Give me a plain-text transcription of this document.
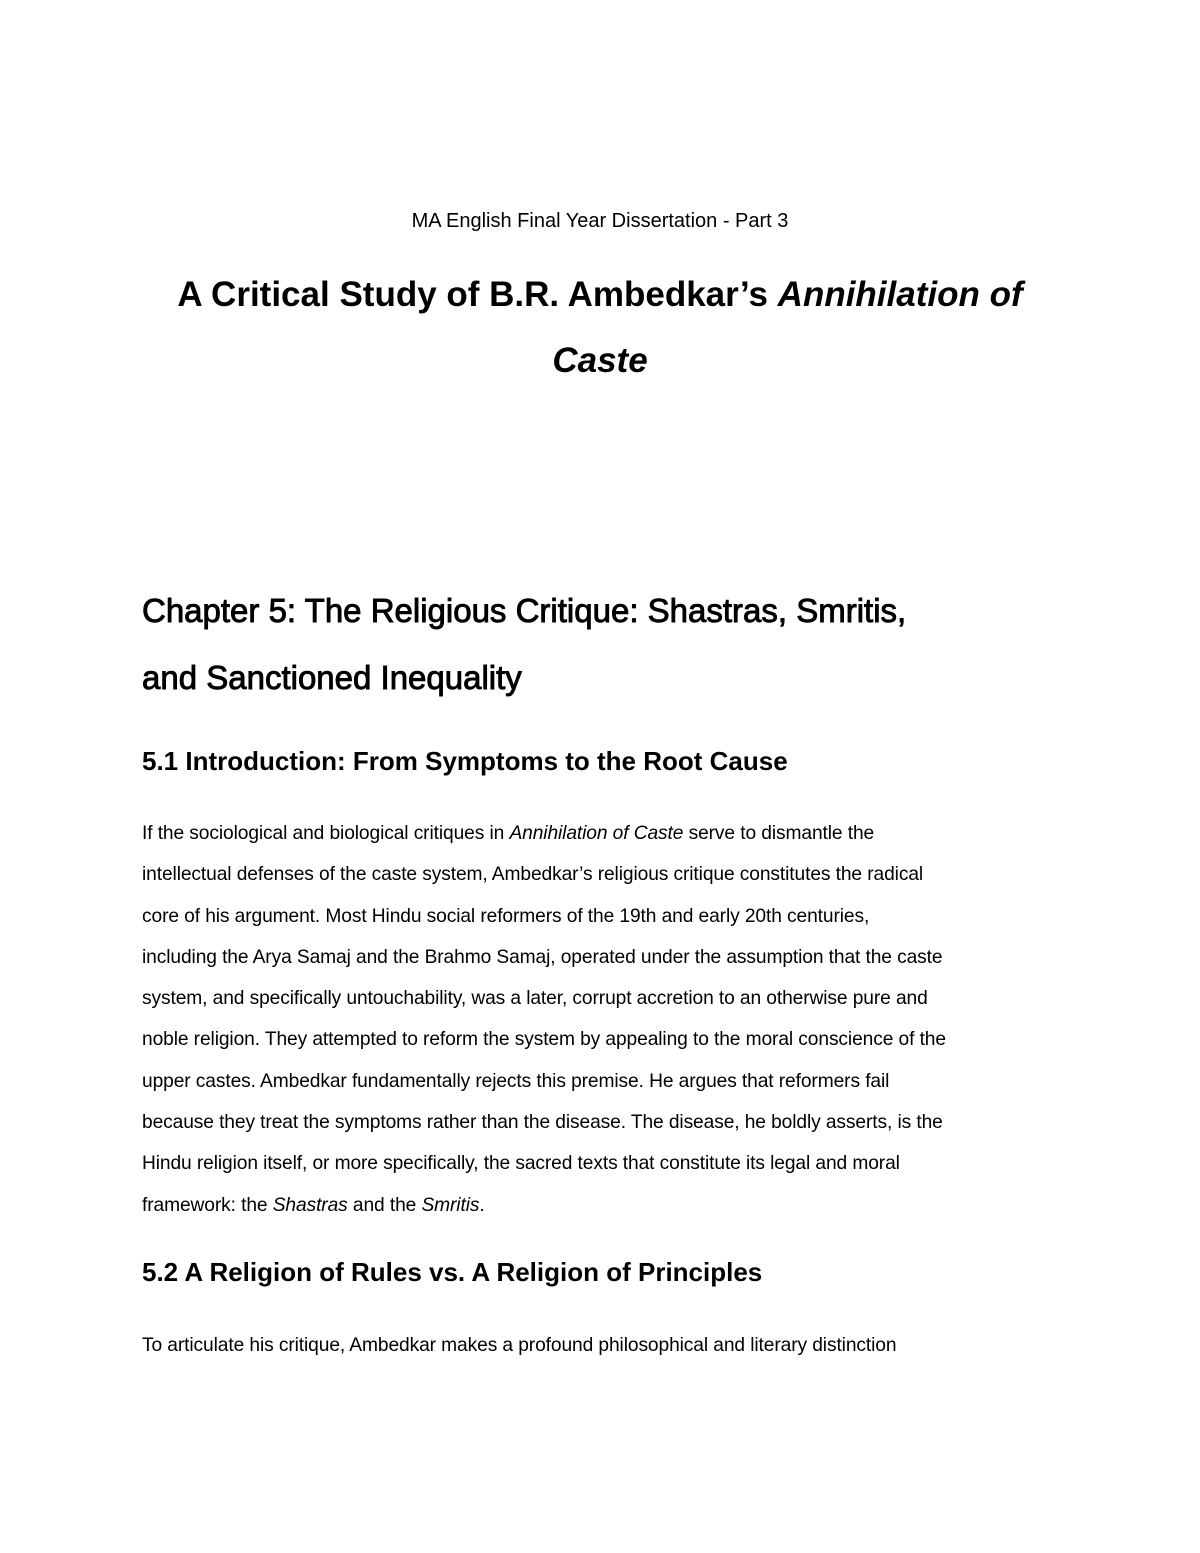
MA English Final Year Dissertation - Part 3
A Critical Study of B.R. Ambedkar’s Annihilation of
Caste
Chapter 5: The Religious Critique: Shastras, Smritis,
and Sanctioned Inequality
5.1 Introduction: From Symptoms to the Root Cause
If the sociological and biological critiques in Annihilation of Caste serve to dismantle the
intellectual defenses of the caste system, Ambedkar’s religious critique constitutes the radical
core of his argument. Most Hindu social reformers of the 19th and early 20th centuries,
including the Arya Samaj and the Brahmo Samaj, operated under the assumption that the caste
system, and specifically untouchability, was a later, corrupt accretion to an otherwise pure and
noble religion. They attempted to reform the system by appealing to the moral conscience of the
upper castes. Ambedkar fundamentally rejects this premise. He argues that reformers fail
because they treat the symptoms rather than the disease. The disease, he boldly asserts, is the
Hindu religion itself, or more specifically, the sacred texts that constitute its legal and moral
framework: the Shastras and the Smritis.
5.2 A Religion of Rules vs. A Religion of Principles
To articulate his critique, Ambedkar makes a profound philosophical and literary distinction
